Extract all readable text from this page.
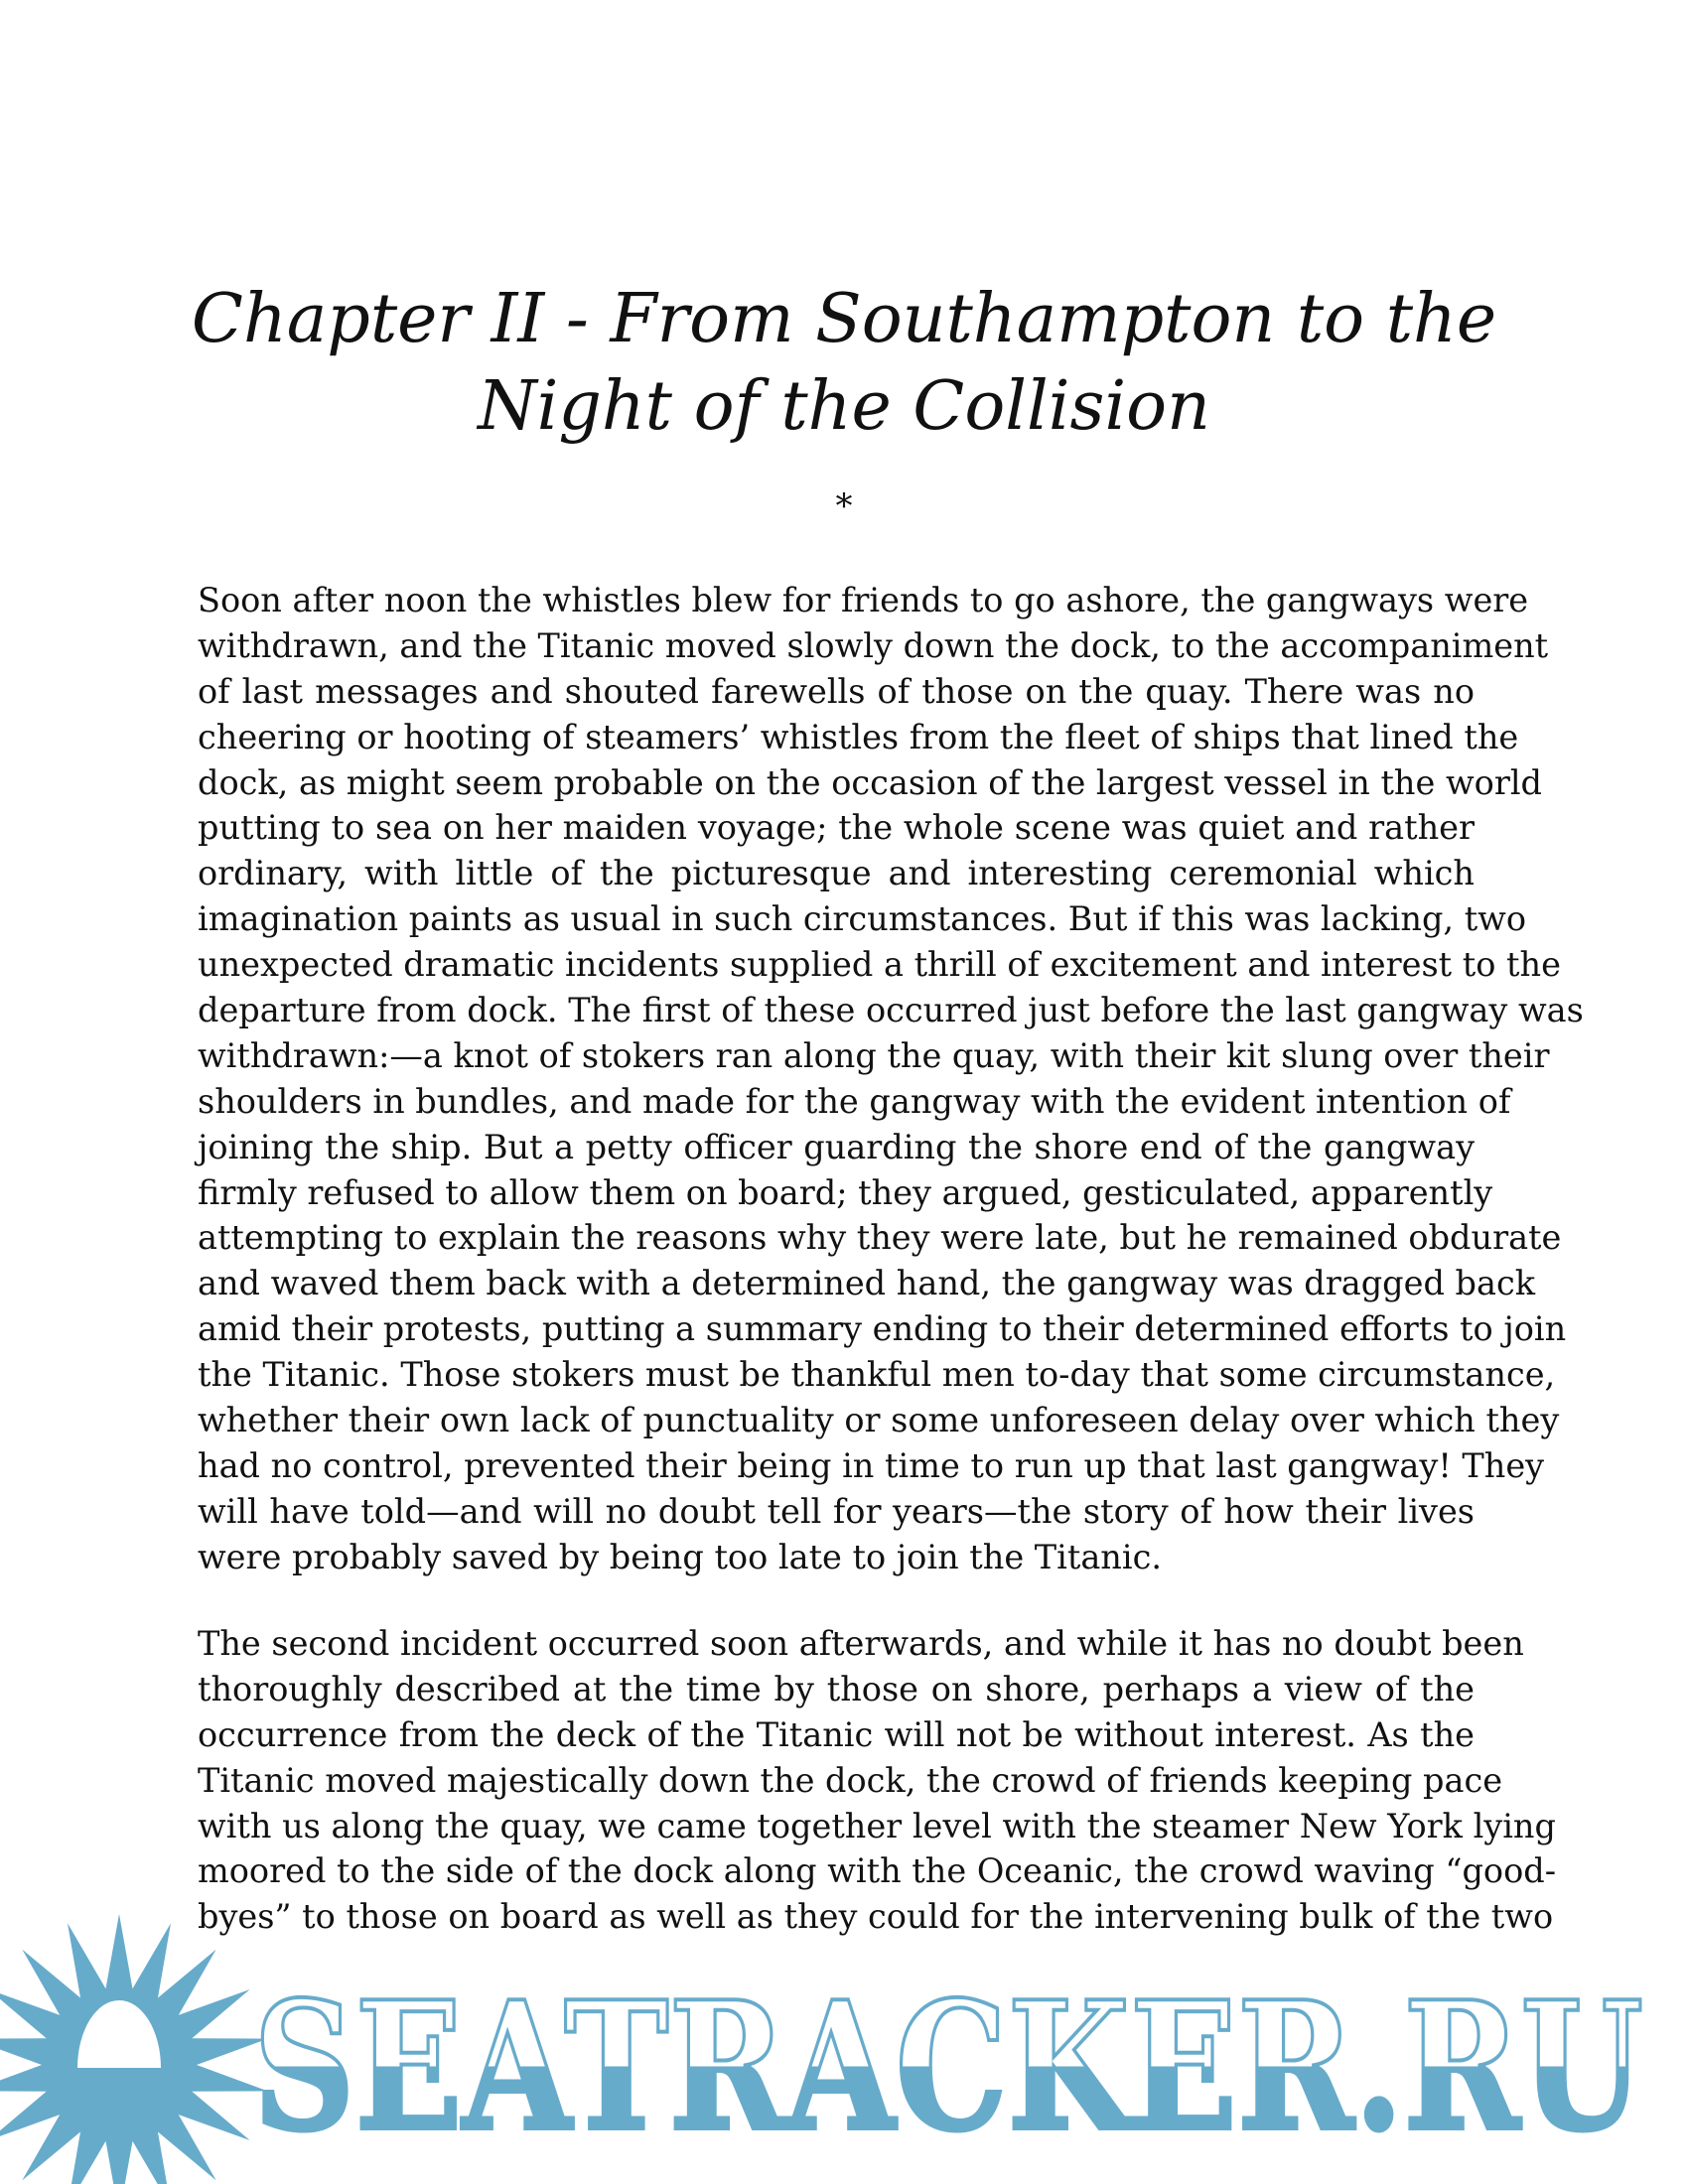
Chapter II - From Southampton to the
Night of the Collision
*
Soon after noon the whistles blew for friends to go ashore, the gangways were
withdrawn, and the Titanic moved slowly down the dock, to the accompaniment
of last messages and shouted farewells of those on the quay. There was no
cheering or hooting of steamers’ whistles from the fleet of ships that lined the
dock, as might seem probable on the occasion of the largest vessel in the world
putting to sea on her maiden voyage; the whole scene was quiet and rather
ordinary, with little of the picturesque and interesting ceremonial which
imagination paints as usual in such circumstances. But if this was lacking, two
unexpected dramatic incidents supplied a thrill of excitement and interest to the
departure from dock. The first of these occurred just before the last gangway was
withdrawn:—a knot of stokers ran along the quay, with their kit slung over their
shoulders in bundles, and made for the gangway with the evident intention of
joining the ship. But a petty officer guarding the shore end of the gangway
firmly refused to allow them on board; they argued, gesticulated, apparently
attempting to explain the reasons why they were late, but he remained obdurate
and waved them back with a determined hand, the gangway was dragged back
amid their protests, putting a summary ending to their determined efforts to join
the Titanic. Those stokers must be thankful men to-day that some circumstance,
whether their own lack of punctuality or some unforeseen delay over which they
had no control, prevented their being in time to run up that last gangway! They
will have told—and will no doubt tell for years—the story of how their lives
were probably saved by being too late to join the Titanic.
The second incident occurred soon afterwards, and while it has no doubt been
thoroughly described at the time by those on shore, perhaps a view of the
occurrence from the deck of the Titanic will not be without interest. As the
Titanic moved majestically down the dock, the crowd of friends keeping pace
with us along the quay, we came together level with the steamer New York lying
moored to the side of the dock along with the Oceanic, the crowd waving “good-
byes” to those on board as well as they could for the intervening bulk of the two
SEATRACKER.RU
